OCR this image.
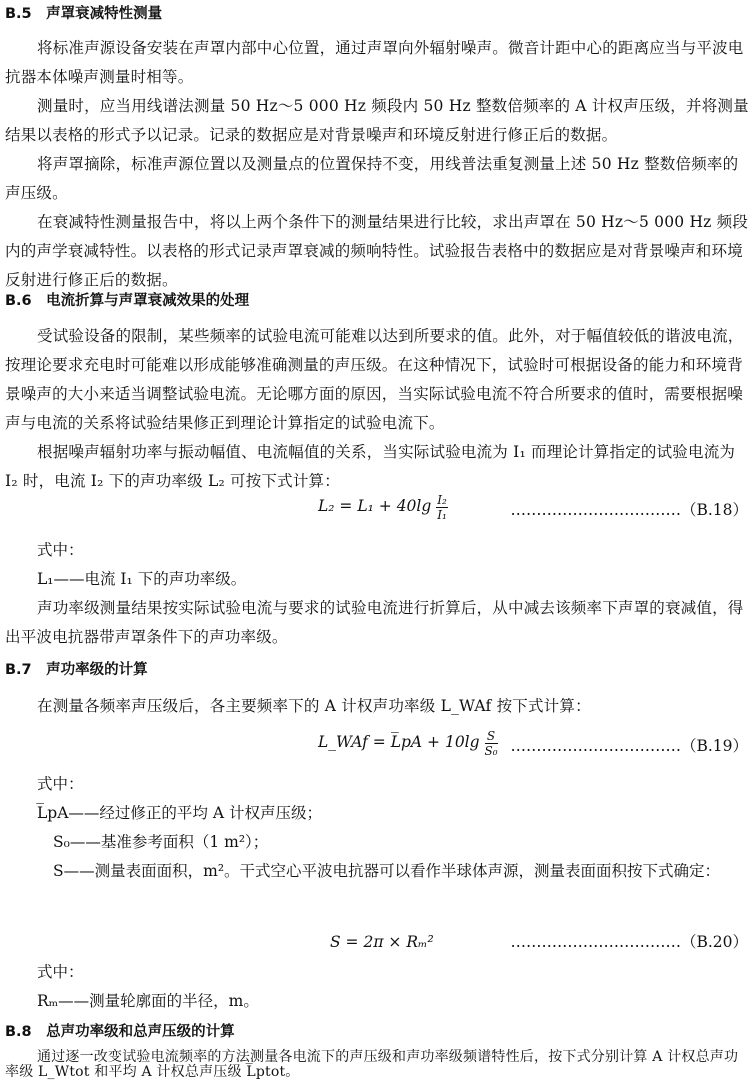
B.5　声罩衰减特性测量
将标准声源设备安装在声罩内部中心位置，通过声罩向外辐射噪声。微音计距中心的距离应当与平波电抗器本体噪声测量时相等。
测量时，应当用线谱法测量 50 Hz～5 000 Hz 频段内 50 Hz 整数倍频率的 A 计权声压级，并将测量结果以表格的形式予以记录。记录的数据应是对背景噪声和环境反射进行修正后的数据。
将声罩摘除，标准声源位置以及测量点的位置保持不变，用线普法重复测量上述 50 Hz 整数倍频率的声压级。
在衰减特性测量报告中，将以上两个条件下的测量结果进行比较，求出声罩在 50 Hz～5 000 Hz 频段内的声学衰减特性。以表格的形式记录声罩衰减的频响特性。试验报告表格中的数据应是对背景噪声和环境反射进行修正后的数据。
B.6　电流折算与声罩衰减效果的处理
受试验设备的限制，某些频率的试验电流可能难以达到所要求的值。此外，对于幅值较低的谐波电流，按理论要求充电时可能难以形成能够准确测量的声压级。在这种情况下，试验时可根据设备的能力和环境背景噪声的大小来适当调整试验电流。无论哪方面的原因，当实际试验电流不符合所要求的值时，需要根据噪声与电流的关系将试验结果修正到理论计算指定的试验电流下。
根据噪声辐射功率与振动幅值、电流幅值的关系，当实际试验电流为 I₁ 而理论计算指定的试验电流为 I₂ 时，电流 I₂ 下的声功率级 L₂ 可按下式计算：
$L_2 = L_1 + 40\lg \frac{\text{I₂}}{\text{I₁}}$	……………………………（B.18）
式中：
L₁——电流 I₁ 下的声功率级。
声功率级测量结果按实际试验电流与要求的试验电流进行折算后，从中减去该频率下声罩的衰减值，得出平波电抗器带声罩条件下的声功率级。
B.7　声功率级的计算
在测量各频率声压级后，各主要频率下的 A 计权声功率级 L_WAf 按下式计算：
L_WAf = L̅pA + $10\lg \frac{S}{\text{S₀}}$ ……………………………（B.19）
式中：
L̅pA——经过修正的平均 A 计权声压级；
S₀——基准参考面积（1 m²）；
S——测量表面面积，m²。干式空心平波电抗器可以看作半球体声源，测量表面面积按下式确定：
S = 2π × Rₘ²	……………………………（B.20）
式中：
Rₘ——测量轮廓面的半径，m。
B.8　总声功率级和总声压级的计算
通过逐一改变试验电流频率的方法测量各电流下的声压级和声功率级频谱特性后，按下式分别计算 A 计权总声功率级 L_Wtot 和平均 A 计权总声压级 L̅ptot。
